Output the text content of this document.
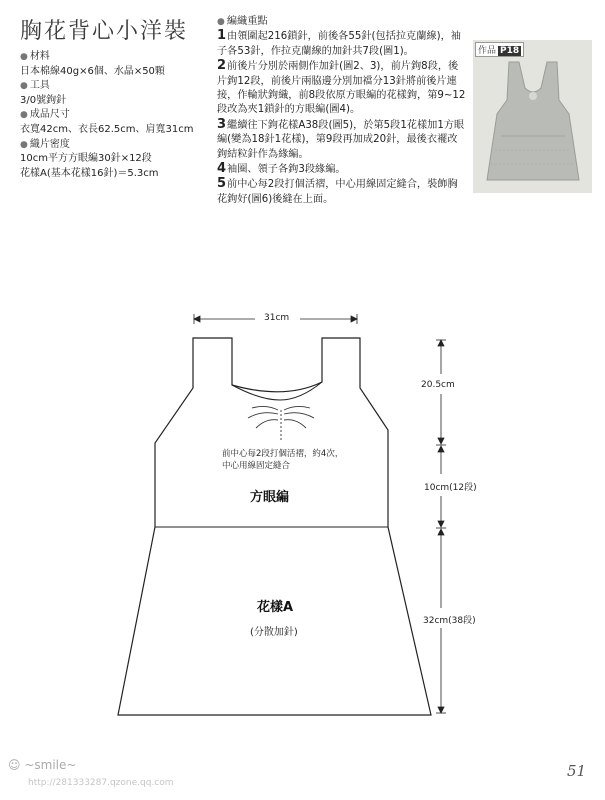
胸花背心小洋裝
● 材料
日本棉線40g×6個、水晶×50顆
● 工具
3/0號鉤針
● 成品尺寸
衣寬42cm、衣長62.5cm、肩寬31cm
● 織片密度
10cm平方方眼編30針×12段
花樣A(基本花樣16針)＝5.3cm
● 編織重點
1由領圍起216鎖針，前後各55針(包括拉克蘭線)，袖子各53針，作拉克蘭線的加針共7段(圖1)。
2前後片分別於兩側作加針(圖2、3)，前片鉤8段，後片鉤12段，前後片兩脇邊分別加襠分13針將前後片連接，作輪狀鉤織，前8段依原方眼編的花樣鉤，第9~12段改為夾1鎖針的方眼編(圖4)。
3繼續往下鉤花樣A38段(圖5)，於第5段1花樣加1方眼編(變為18針1花樣)，第9段再加成20針，最後衣襬改鉤結粒針作為緣編。
4袖圈、領子各鉤3段緣編。
5前中心每2段打個活褶，中心用線固定縫合，裝飾胸花鉤好(圖6)後縫在上面。
作品 P18
31cm
20.5cm
10cm(12段)
32cm(38段)
前中心每2段打個活褶，約4次，
中心用線固定縫合
方眼編
花樣A
(分散加針)
☺ ~smile~
http://281333287.qzone.qq.com
51
